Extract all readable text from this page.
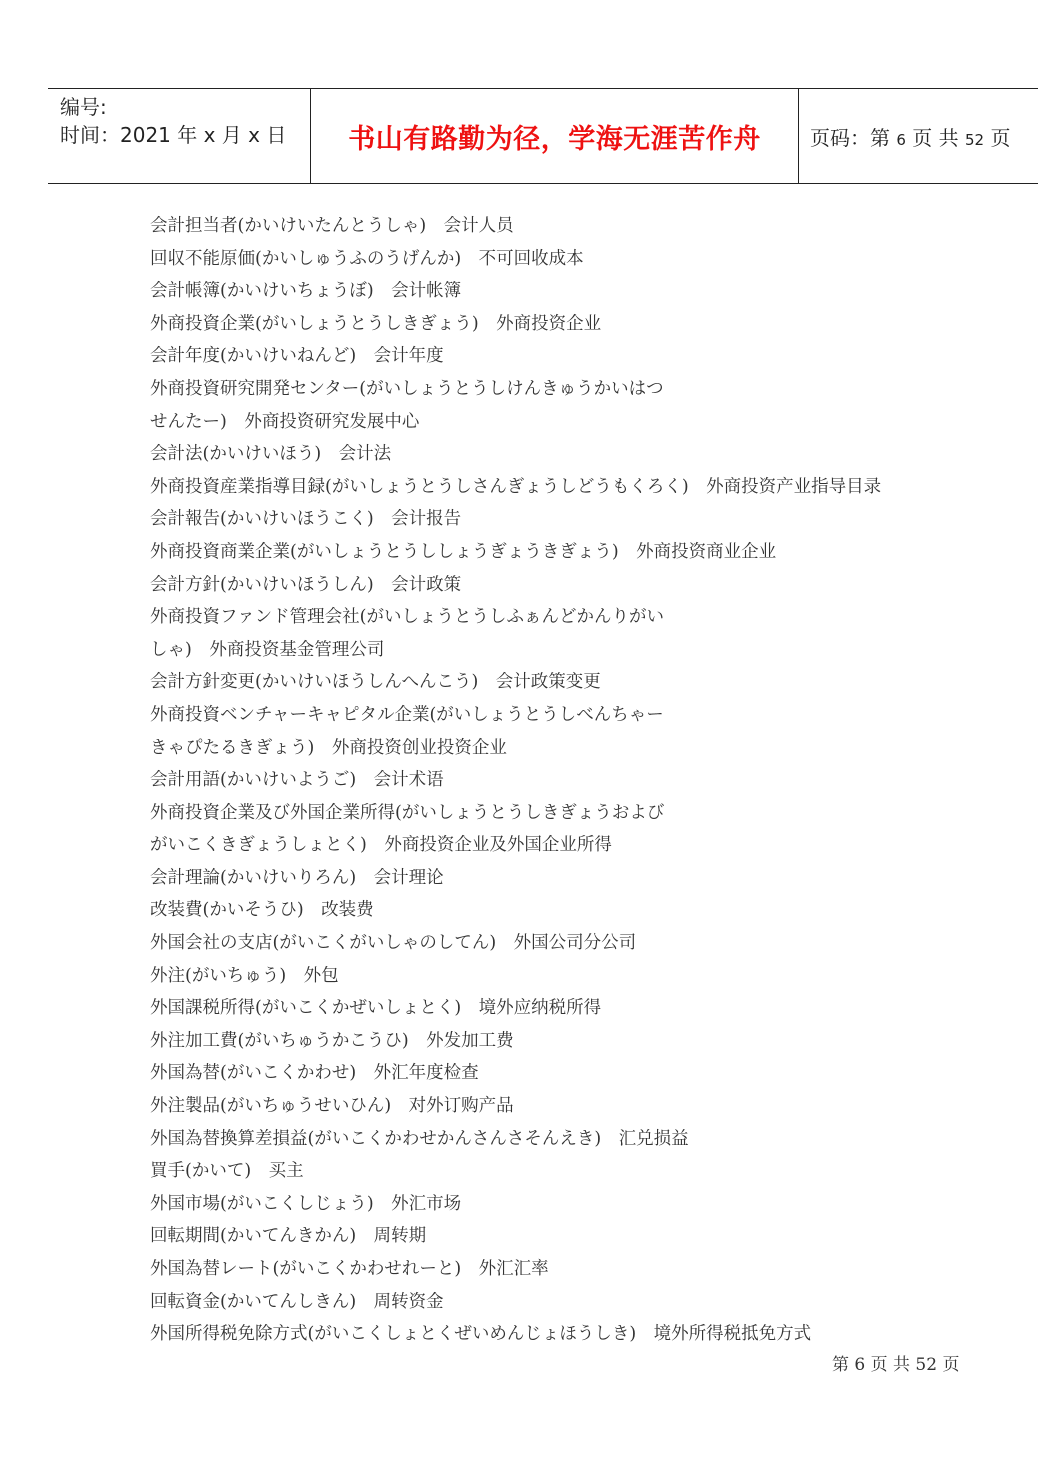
编号:
时间：2021 年 x 月 x 日	书山有路勤为径，学海无涯苦作舟	页码：第 6 页 共 52 页
会計担当者(かいけいたんとうしゃ)　会计人员
回収不能原価(かいしゅうふのうげんか)　不可回收成本
会計帳簿(かいけいちょうぼ)　会计帐簿
外商投資企業(がいしょうとうしきぎょう)　外商投资企业
会計年度(かいけいねんど)　会计年度
外商投資研究開発センター(がいしょうとうしけんきゅうかいはつ
せんたー)　外商投资研究发展中心
会計法(かいけいほう)　会计法
外商投資産業指導目録(がいしょうとうしさんぎょうしどうもくろく)　外商投资产业指导目录
会計報告(かいけいほうこく)　会计报告
外商投資商業企業(がいしょうとうししょうぎょうきぎょう)　外商投资商业企业
会計方針(かいけいほうしん)　会计政策
外商投資ファンド管理会社(がいしょうとうしふぁんどかんりがい
しゃ)　外商投资基金管理公司
会計方針変更(かいけいほうしんへんこう)　会计政策变更
外商投資ベンチャーキャピタル企業(がいしょうとうしべんちゃー
きゃぴたるきぎょう)　外商投资创业投资企业
会計用語(かいけいようご)　会计术语
外商投資企業及び外国企業所得(がいしょうとうしきぎょうおよび
がいこくきぎょうしょとく)　外商投资企业及外国企业所得
会計理論(かいけいりろん)　会计理论
改装費(かいそうひ)　改装费
外国会社の支店(がいこくがいしゃのしてん)　外国公司分公司
外注(がいちゅう)　外包
外国課税所得(がいこくかぜいしょとく)　境外应纳税所得
外注加工費(がいちゅうかこうひ)　外发加工费
外国為替(がいこくかわせ)　外汇年度检查
外注製品(がいちゅうせいひん)　对外订购产品
外国為替換算差損益(がいこくかわせかんさんさそんえき)　汇兑损益
買手(かいて)　买主
外国市場(がいこくしじょう)　外汇市场
回転期間(かいてんきかん)　周转期
外国為替レート(がいこくかわせれーと)　外汇汇率
回転資金(かいてんしきん)　周转资金
外国所得税免除方式(がいこくしょとくぜいめんじょほうしき)　境外所得税抵免方式
第 6 页 共 52 页
